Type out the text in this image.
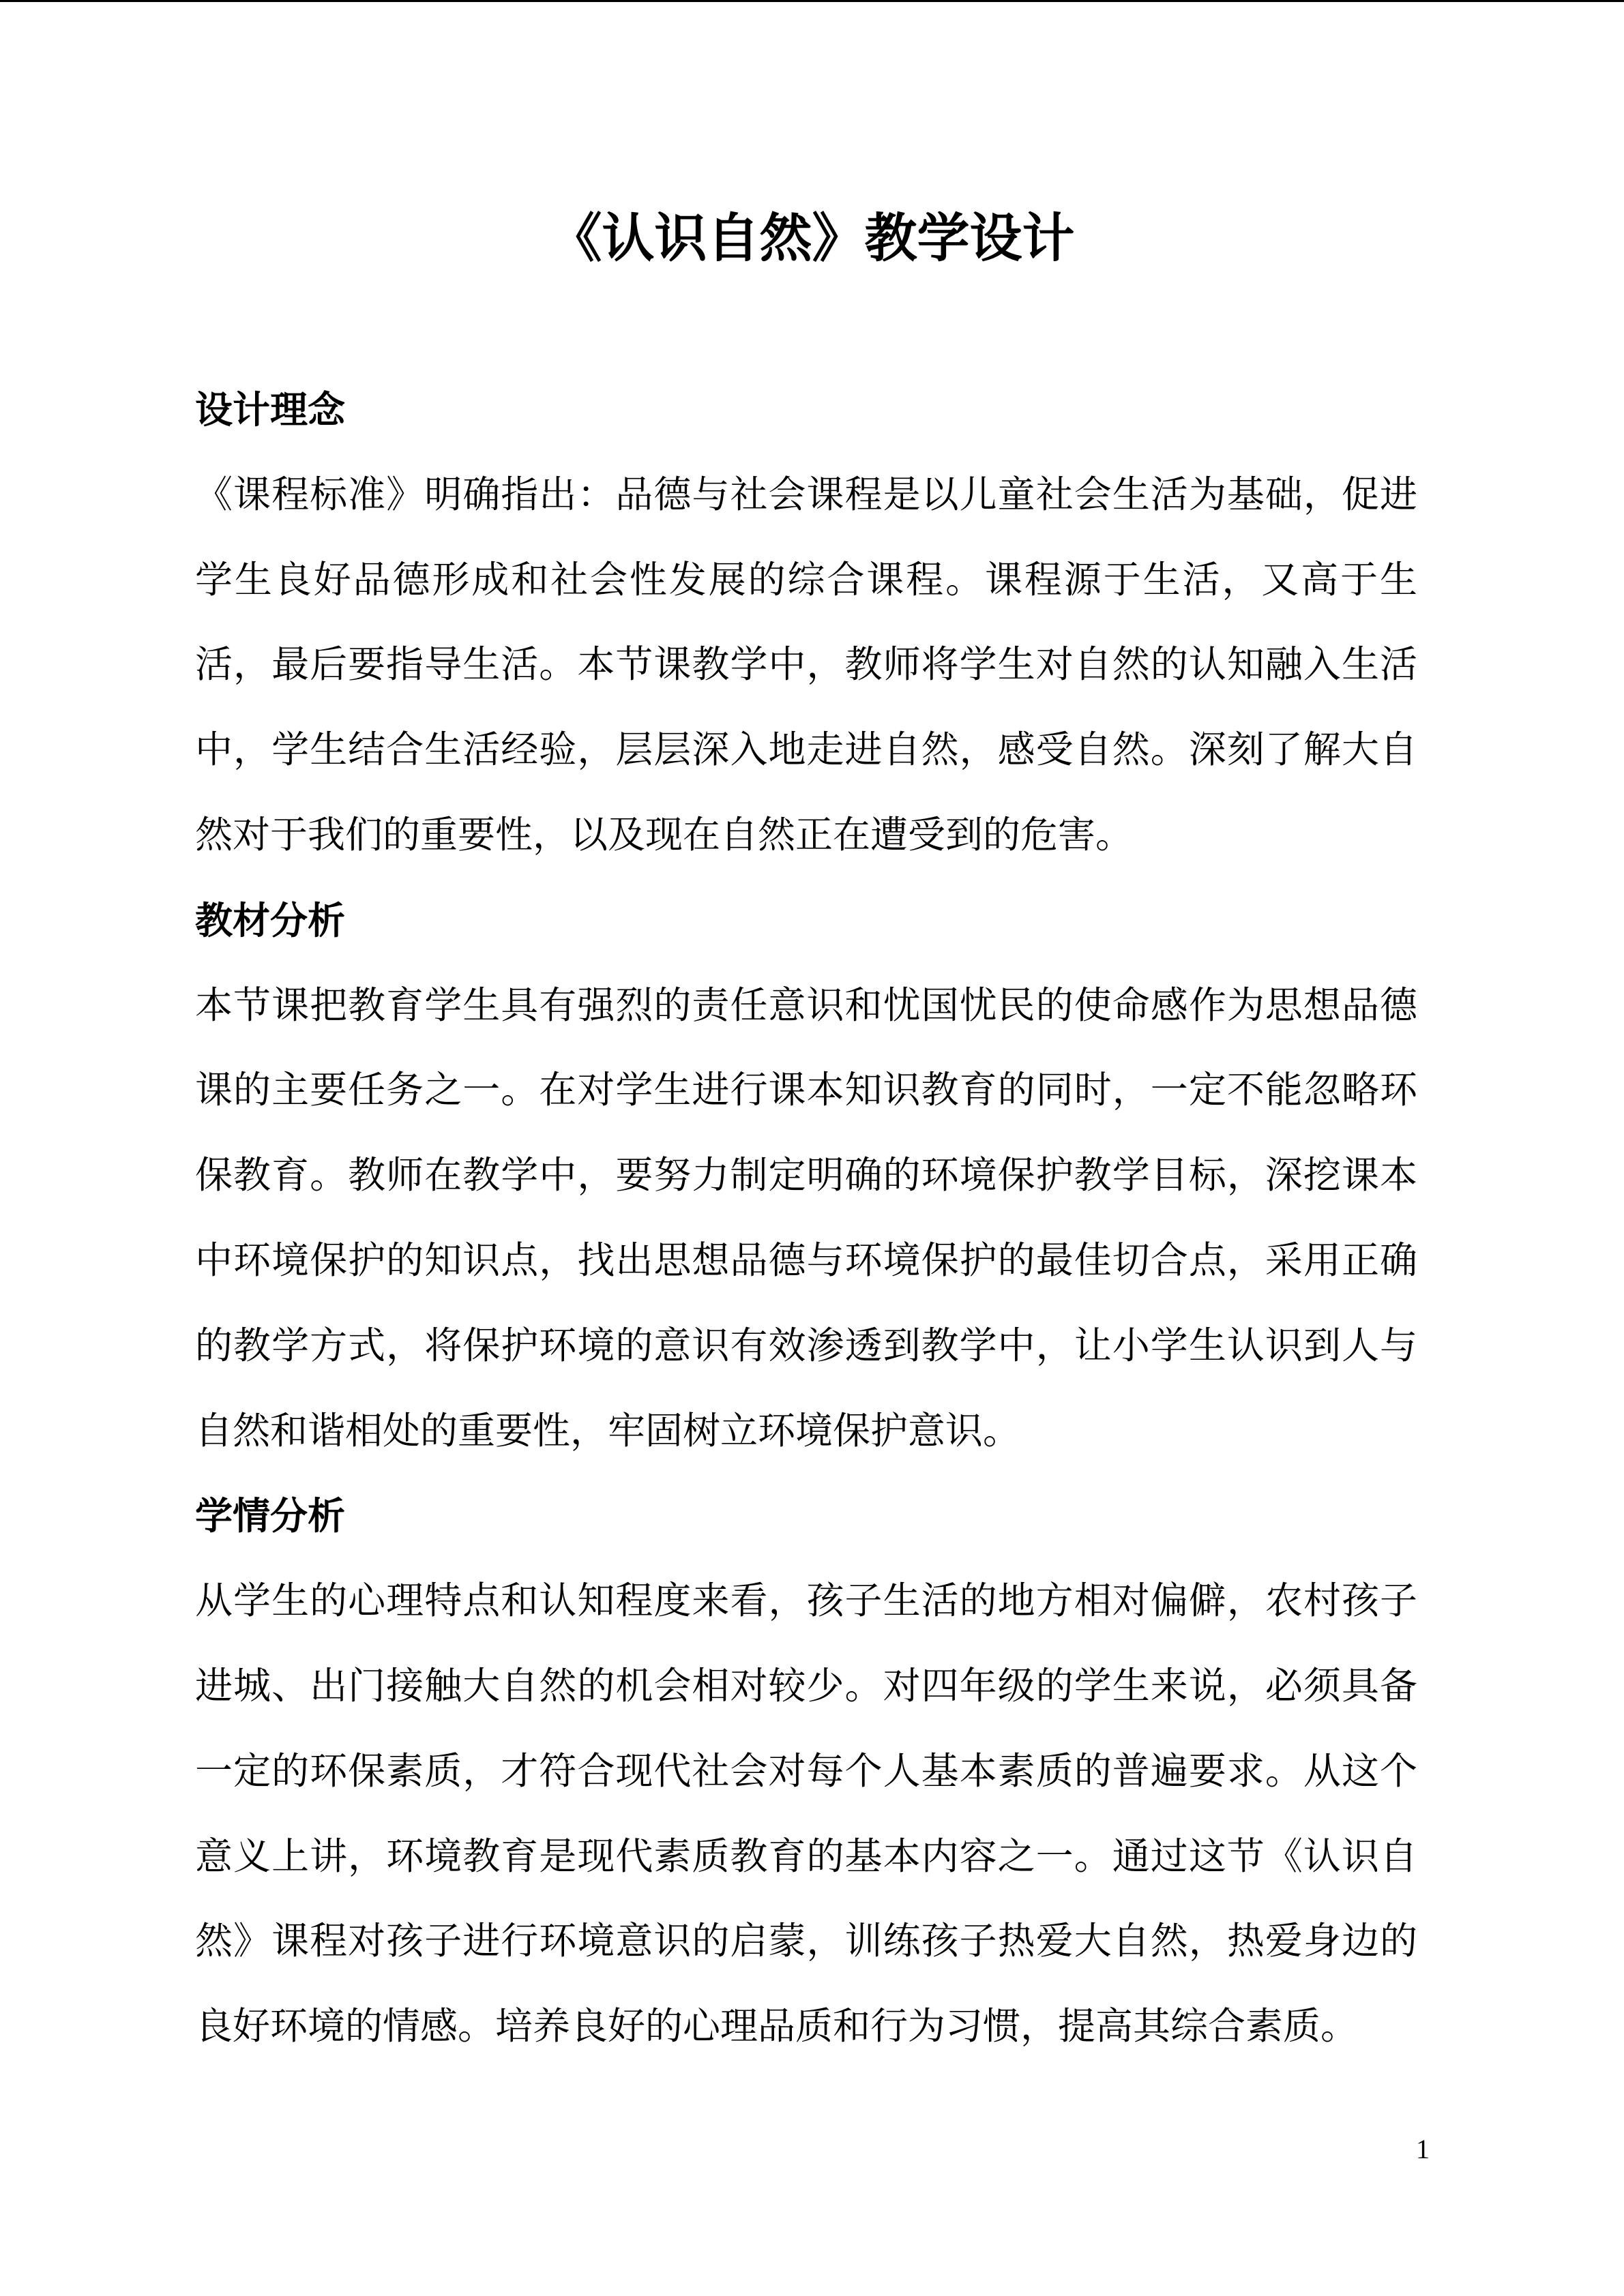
《认识自然》教学设计
设计理念
《课程标准》明确指出：品德与社会课程是以儿童社会生活为基础，促进
学生良好品德形成和社会性发展的综合课程。课程源于生活，又高于生
活，最后要指导生活。本节课教学中，教师将学生对自然的认知融入生活
中，学生结合生活经验，层层深入地走进自然，感受自然。深刻了解大自
然对于我们的重要性，以及现在自然正在遭受到的危害。
教材分析
本节课把教育学生具有强烈的责任意识和忧国忧民的使命感作为思想品德
课的主要任务之一。在对学生进行课本知识教育的同时，一定不能忽略环
保教育。教师在教学中，要努力制定明确的环境保护教学目标，深挖课本
中环境保护的知识点，找出思想品德与环境保护的最佳切合点，采用正确
的教学方式，将保护环境的意识有效渗透到教学中，让小学生认识到人与
自然和谐相处的重要性，牢固树立环境保护意识。
学情分析
从学生的心理特点和认知程度来看，孩子生活的地方相对偏僻，农村孩子
进城、出门接触大自然的机会相对较少。对四年级的学生来说，必须具备
一定的环保素质，才符合现代社会对每个人基本素质的普遍要求。从这个
意义上讲，环境教育是现代素质教育的基本内容之一。通过这节《认识自
然》课程对孩子进行环境意识的启蒙，训练孩子热爱大自然，热爱身边的
良好环境的情感。培养良好的心理品质和行为习惯，提高其综合素质。
1
